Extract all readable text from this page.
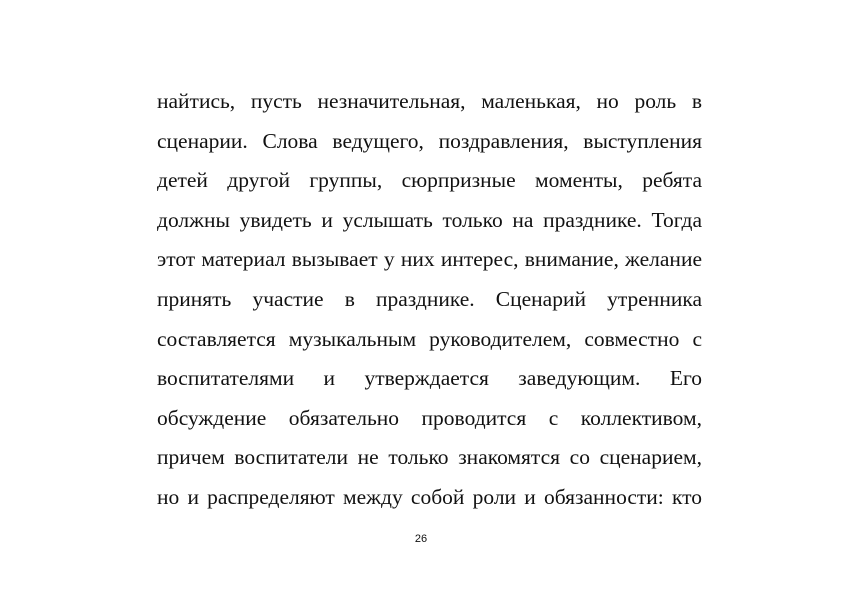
найтись, пусть незначительная, маленькая, но роль в
сценарии. Слова ведущего, поздравления, выступления
детей другой группы, сюрпризные моменты, ребята
должны увидеть и услышать только на празднике. Тогда
этот материал вызывает у них интерес, внимание, желание
принять участие в празднике. Сценарий утренника
составляется музыкальным руководителем, совместно с
воспитателями и утверждается заведующим. Его
обсуждение обязательно проводится с коллективом,
причем воспитатели не только знакомятся со сценарием,
но и распределяют между собой роли и обязанности: кто
26
